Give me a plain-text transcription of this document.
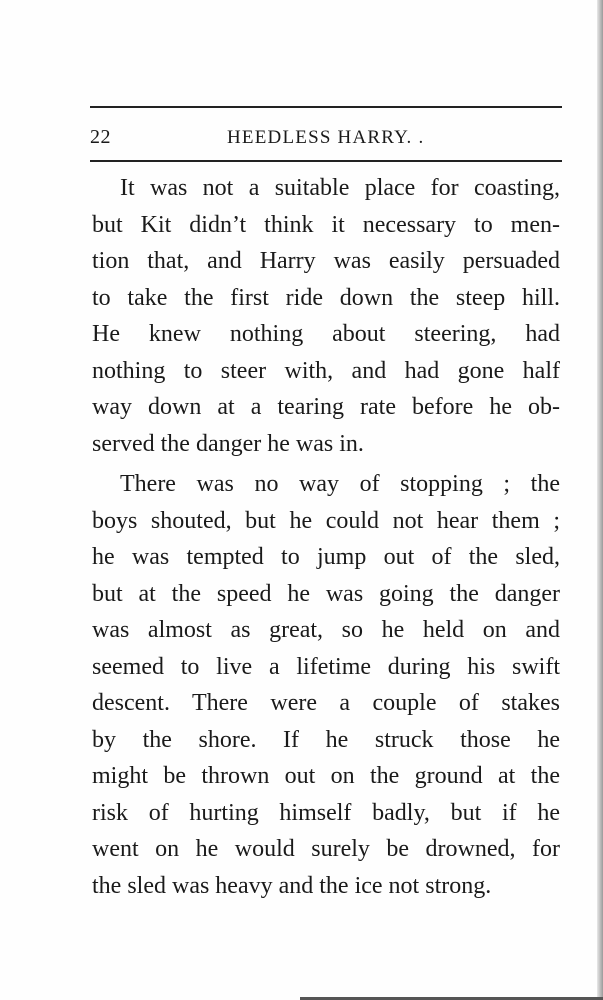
22	HEEDLESS HARRY. .

It was not a suitable place for coasting,
but Kit didn’t think it necessary to men-
tion that, and Harry was easily persuaded
to take the first ride down the steep hill.
He knew nothing about steering, had
nothing to steer with, and had gone half
way down at a tearing rate before he ob-
served the danger he was in.

There was no way of stopping ; the
boys shouted, but he could not hear them ;
he was tempted to jump out of the sled,
but at the speed he was going the danger
was almost as great, so he held on and
seemed to live a lifetime during his swift
descent. There were a couple of stakes
by the shore. If he struck those he
might be thrown out on the ground at the
risk of hurting himself badly, but if he
went on he would surely be drowned, for
the sled was heavy and the ice not strong.
